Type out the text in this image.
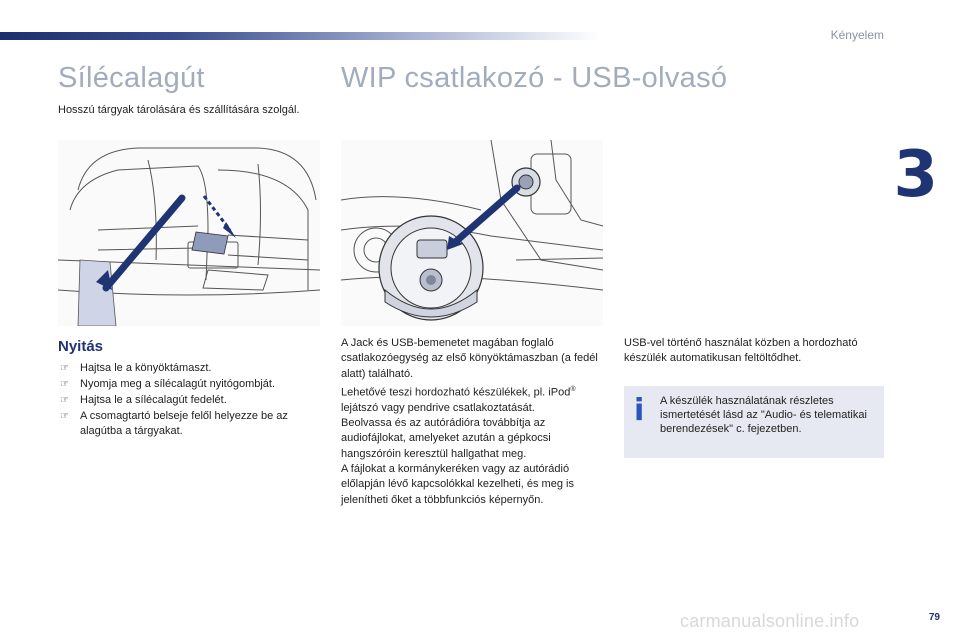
Kényelem
3
Sílécalagút
Hosszú tárgyak tárolására és szállítására szolgál.
Nyitás
☞ Hajtsa le a könyöktámaszt.
☞ Nyomja meg a sílécalagút nyitógombját.
☞ Hajtsa le a sílécalagút fedelét.
☞ A csomagtartó belseje felől helyezze be az alagútba a tárgyakat.
WIP csatlakozó - USB-olvasó

A Jack és USB-bemenetet magában foglaló csatlakozóegység az első könyöktámaszban (a fedél alatt) található.

Lehetővé teszi hordozható készülékek, pl. iPod® lejátszó vagy pendrive csatlakoztatását.

Beolvassa és az autórádióra továbbítja az audiofájlokat, amelyeket azután a gépkocsi hangszóróin keresztül hallgathat meg.

A fájlokat a kormánykeréken vagy az autórádió előlapján lévő kapcsolókkal kezelheti, és meg is jelenítheti őket a többfunkciós képernyőn.

USB-vel történő használat közben a hordozható készülék automatikusan feltöltődhet.

i	A készülék használatának részletes ismertetését lásd az "Audio- és telematikai berendezések" c. fejezetben.
carmanualsonline.info	79
